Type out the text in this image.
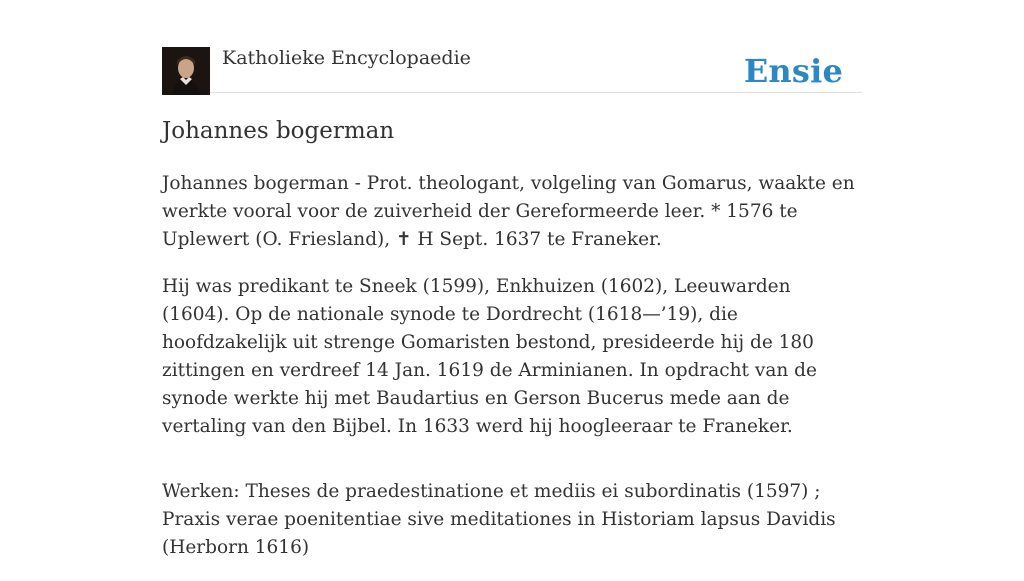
Katholieke Encyclopaedie	Ensie
Johannes bogerman

Johannes bogerman - Prot. theologant, volgeling van Gomarus, waakte en werkte vooral voor de zuiverheid der Gereformeerde leer. * 1576 te Uplewert (O. Friesland), ✝ H Sept. 1637 te Franeker.

Hij was predikant te Sneek (1599), Enkhuizen (1602), Leeuwarden (1604). Op de nationale synode te Dordrecht (1618—’19), die hoofdzakelijk uit strenge Gomaristen bestond, presideerde hij de 180 zittingen en verdreef 14 Jan. 1619 de Arminianen. In opdracht van de synode werkte hij met Baudartius en Gerson Bucerus mede aan de vertaling van den Bijbel. In 1633 werd hij hoogleeraar te Franeker.

Werken: Theses de praedestinatione et mediis ei subordinatis (1597) ; Praxis verae poenitentiae sive meditationes in Historiam lapsus Davidis (Herborn 1616)
